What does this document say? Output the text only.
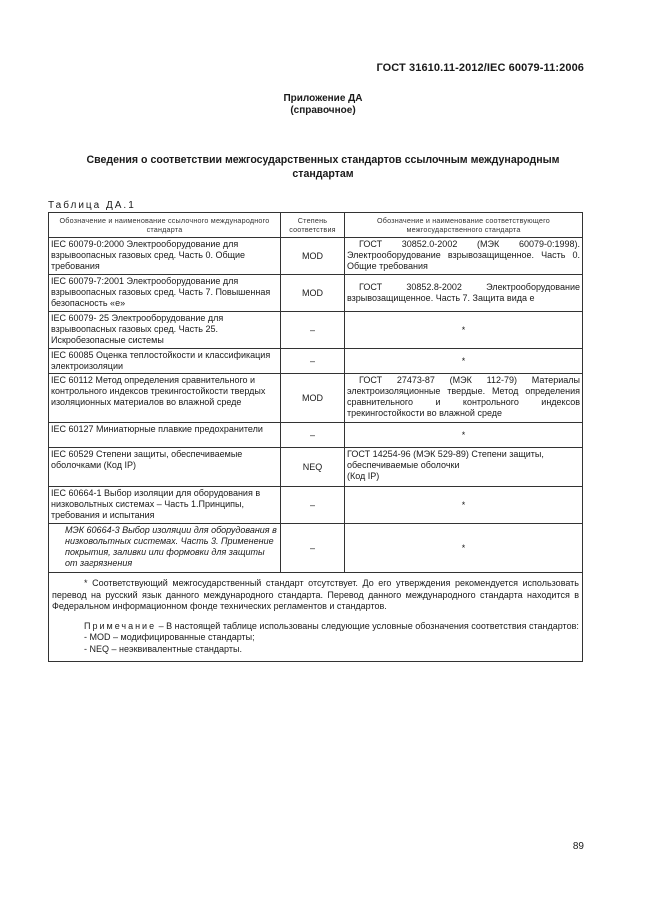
ГОСТ 31610.11-2012/IEC 60079-11:2006
Приложение ДА
(справочное)
Сведения о соответствии межгосударственных стандартов ссылочным международным стандартам
Таблица ДА.1
Обозначение и наименование ссылочного международного стандарта	Степень соответствия	Обозначение и наименование соответствующего межгосударственного стандарта
IEC 60079-0:2000 Электрооборудование для взрывоопасных газовых сред. Часть 0. Общие требования	MOD	ГОСТ 30852.0-2002 (МЭК 60079-0:1998). Электрооборудование взрывозащищенное. Часть 0. Общие требования
IEC 60079-7:2001 Электрооборудование для взрывоопасных газовых сред. Часть 7. Повышенная безопасность «е»	MOD	ГОСТ 30852.8-2002 Электрооборудование взрывозащищенное. Часть 7. Защита вида е
IEC 60079- 25 Электрооборудование для взрывоопасных газовых сред. Часть 25. Искробезопасные системы	–	*
IEC 60085 Оценка теплостойкости и классификация электроизоляции	–	*
IEC 60112 Метод определения сравнительного и контрольного индексов трекингостойкости твердых изоляционных материалов во влажной среде	MOD	ГОСТ 27473-87 (МЭК 112-79) Материалы электроизоляционные твердые. Метод определения сравнительного и контрольного индексов трекингостойкости во влажной среде
IEC 60127 Миниатюрные плавкие предохранители	–	*
IEC 60529 Степени защиты, обеспечиваемые оболочками (Код IP)	NEQ	ГОСТ 14254-96 (МЭК 529-89) Степени защиты, обеспечиваемые оболочки
(Код IP)
IEC 60664-1 Выбор изоляции для оборудования в низковольтных системах – Часть 1.Принципы, требования и испытания	–	*
МЭК 60664-3 Выбор изоляции для оборудования в низковольтных системах. Часть 3. Применение покрытия, заливки или формовки для защиты от загрязнения	–	*

* Соответствующий межгосударственный стандарт отсутствует. До его утверждения рекомендуется использовать перевод на русский язык данного международного стандарта. Перевод данного международного стандарта находится в Федеральном информационном фонде технических регламентов и стандартов.

Примечание – В настоящей таблице использованы следующие условные обозначения соответствия стандартов:

- MOD – модифицированные стандарты;

- NEQ – неэквивалентные стандарты.		

89
